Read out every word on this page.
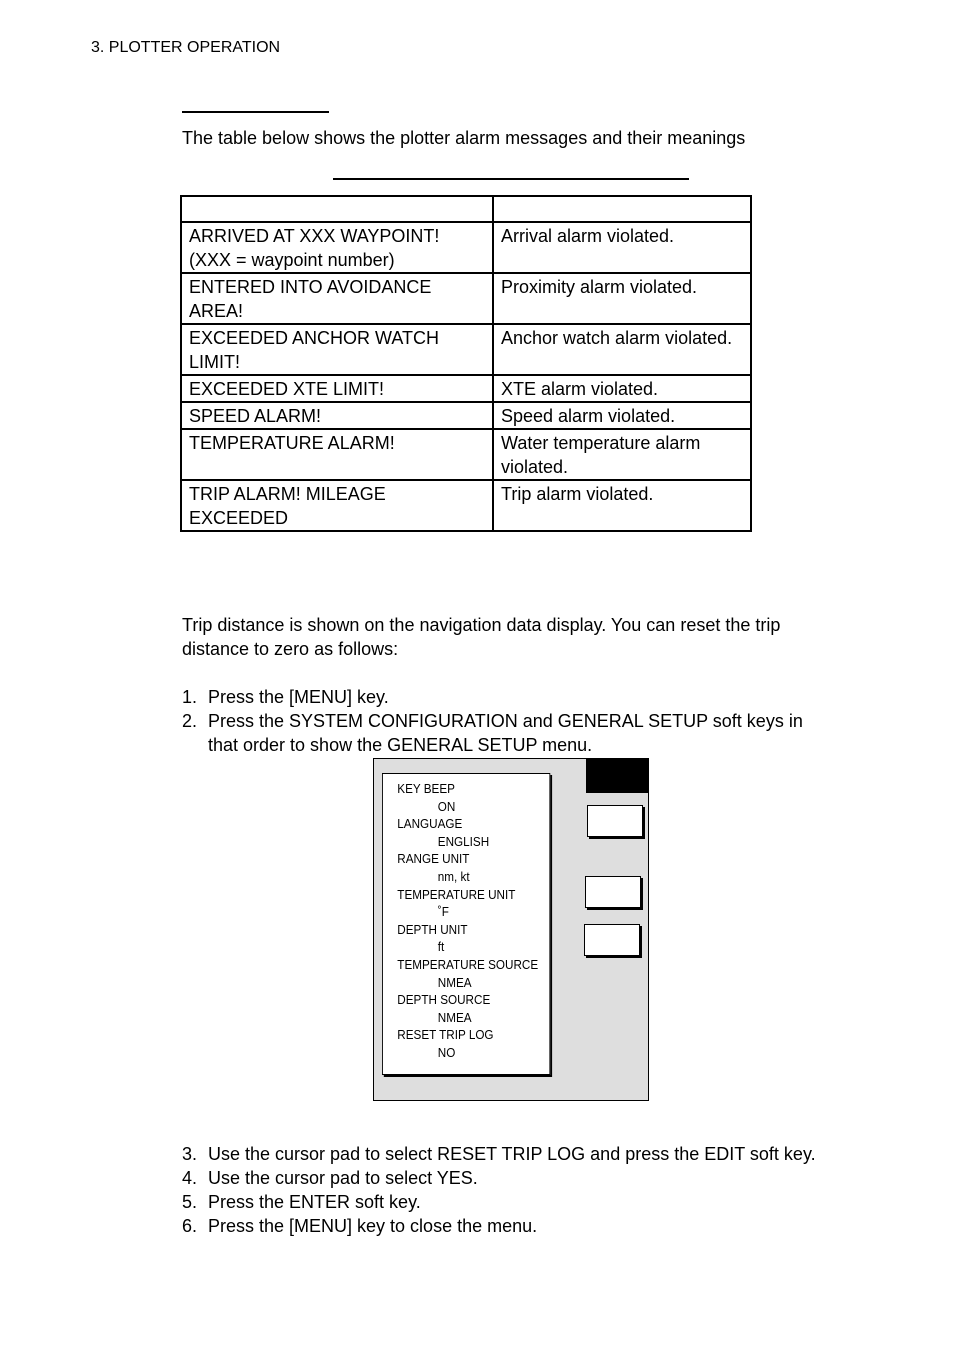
3. PLOTTER OPERATION
The table below shows the plotter alarm messages and their meanings

ARRIVED AT XXX WAYPOINT! (XXX = waypoint number)	Arrival alarm violated.
ENTERED INTO AVOIDANCE AREA!	Proximity alarm violated.
EXCEEDED ANCHOR WATCH LIMIT!	Anchor watch alarm violated.
EXCEEDED XTE LIMIT!	XTE alarm violated.
SPEED ALARM!	Speed alarm violated.
TEMPERATURE ALARM!	Water temperature alarm violated.
TRIP ALARM! MILEAGE EXCEEDED	Trip alarm violated.
Trip distance is shown on the navigation data display. You can reset the trip distance to zero as follows:
1. Press the [MENU] key.
2. Press the SYSTEM CONFIGURATION and GENERAL SETUP soft keys in that order to show the GENERAL SETUP menu.
KEY BEEP
ON
LANGUAGE
ENGLISH
RANGE UNIT
nm, kt
TEMPERATURE UNIT
˚F
DEPTH UNIT
ft
TEMPERATURE SOURCE
NMEA
DEPTH SOURCE
NMEA
RESET TRIP LOG
NO
3. Use the cursor pad to select RESET TRIP LOG and press the EDIT soft key.
4. Use the cursor pad to select YES.
5. Press the ENTER soft key.
6. Press the [MENU] key to close the menu.
